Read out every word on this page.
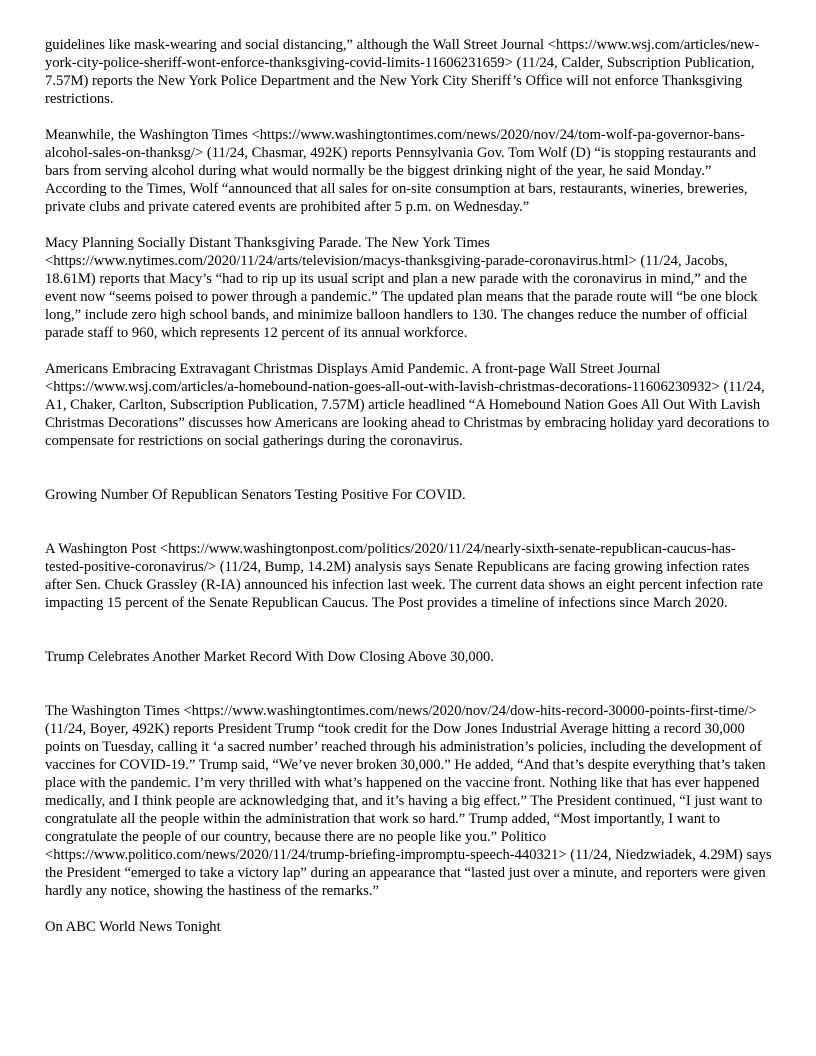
guidelines like mask-wearing and social distancing,” although the Wall Street Journal <https://www.wsj.com/articles/new-york-city-police-sheriff-wont-enforce-thanksgiving-covid-limits-11606231659> (11/24, Calder, Subscription Publication, 7.57M) reports the New York Police Department and the New York City Sheriff’s Office will not enforce Thanksgiving restrictions.

Meanwhile, the Washington Times <https://www.washingtontimes.com/news/2020/nov/24/tom-wolf-pa-governor-bans-alcohol-sales-on-thanksg/> (11/24, Chasmar, 492K) reports Pennsylvania Gov. Tom Wolf (D) “is stopping restaurants and bars from serving alcohol during what would normally be the biggest drinking night of the year, he said Monday.” According to the Times, Wolf “announced that all sales for on-site consumption at bars, restaurants, wineries, breweries, private clubs and private catered events are prohibited after 5 p.m. on Wednesday.”

Macy Planning Socially Distant Thanksgiving Parade. The New York Times <https://www.nytimes.com/2020/11/24/arts/television/macys-thanksgiving-parade-coronavirus.html> (11/24, Jacobs, 18.61M) reports that Macy’s “had to rip up its usual script and plan a new parade with the coronavirus in mind,” and the event now “seems poised to power through a pandemic.” The updated plan means that the parade route will “be one block long,” include zero high school bands, and minimize balloon handlers to 130. The changes reduce the number of official parade staff to 960, which represents 12 percent of its annual workforce.

Americans Embracing Extravagant Christmas Displays Amid Pandemic. A front-page Wall Street Journal <https://www.wsj.com/articles/a-homebound-nation-goes-all-out-with-lavish-christmas-decorations-11606230932> (11/24, A1, Chaker, Carlton, Subscription Publication, 7.57M) article headlined “A Homebound Nation Goes All Out With Lavish Christmas Decorations” discusses how Americans are looking ahead to Christmas by embracing holiday yard decorations to compensate for restrictions on social gatherings during the coronavirus.

Growing Number Of Republican Senators Testing Positive For COVID.

A Washington Post <https://www.washingtonpost.com/politics/2020/11/24/nearly-sixth-senate-republican-caucus-has-tested-positive-coronavirus/> (11/24, Bump, 14.2M) analysis says Senate Republicans are facing growing infection rates after Sen. Chuck Grassley (R-IA) announced his infection last week. The current data shows an eight percent infection rate impacting 15 percent of the Senate Republican Caucus. The Post provides a timeline of infections since March 2020.

Trump Celebrates Another Market Record With Dow Closing Above 30,000.

The Washington Times <https://www.washingtontimes.com/news/2020/nov/24/dow-hits-record-30000-points-first-time/> (11/24, Boyer, 492K) reports President Trump “took credit for the Dow Jones Industrial Average hitting a record 30,000 points on Tuesday, calling it ‘a sacred number’ reached through his administration’s policies, including the development of vaccines for COVID-19.” Trump said, “We’ve never broken 30,000.” He added, “And that’s despite everything that’s taken place with the pandemic. I’m very thrilled with what’s happened on the vaccine front. Nothing like that has ever happened medically, and I think people are acknowledging that, and it’s having a big effect.” The President continued, “I just want to congratulate all the people within the administration that work so hard.” Trump added, “Most importantly, I want to congratulate the people of our country, because there are no people like you.” Politico <https://www.politico.com/news/2020/11/24/trump-briefing-impromptu-speech-440321> (11/24, Niedzwiadek, 4.29M) says the President “emerged to take a victory lap” during an appearance that “lasted just over a minute, and reporters were given hardly any notice, showing the hastiness of the remarks.”

On ABC World News Tonight
